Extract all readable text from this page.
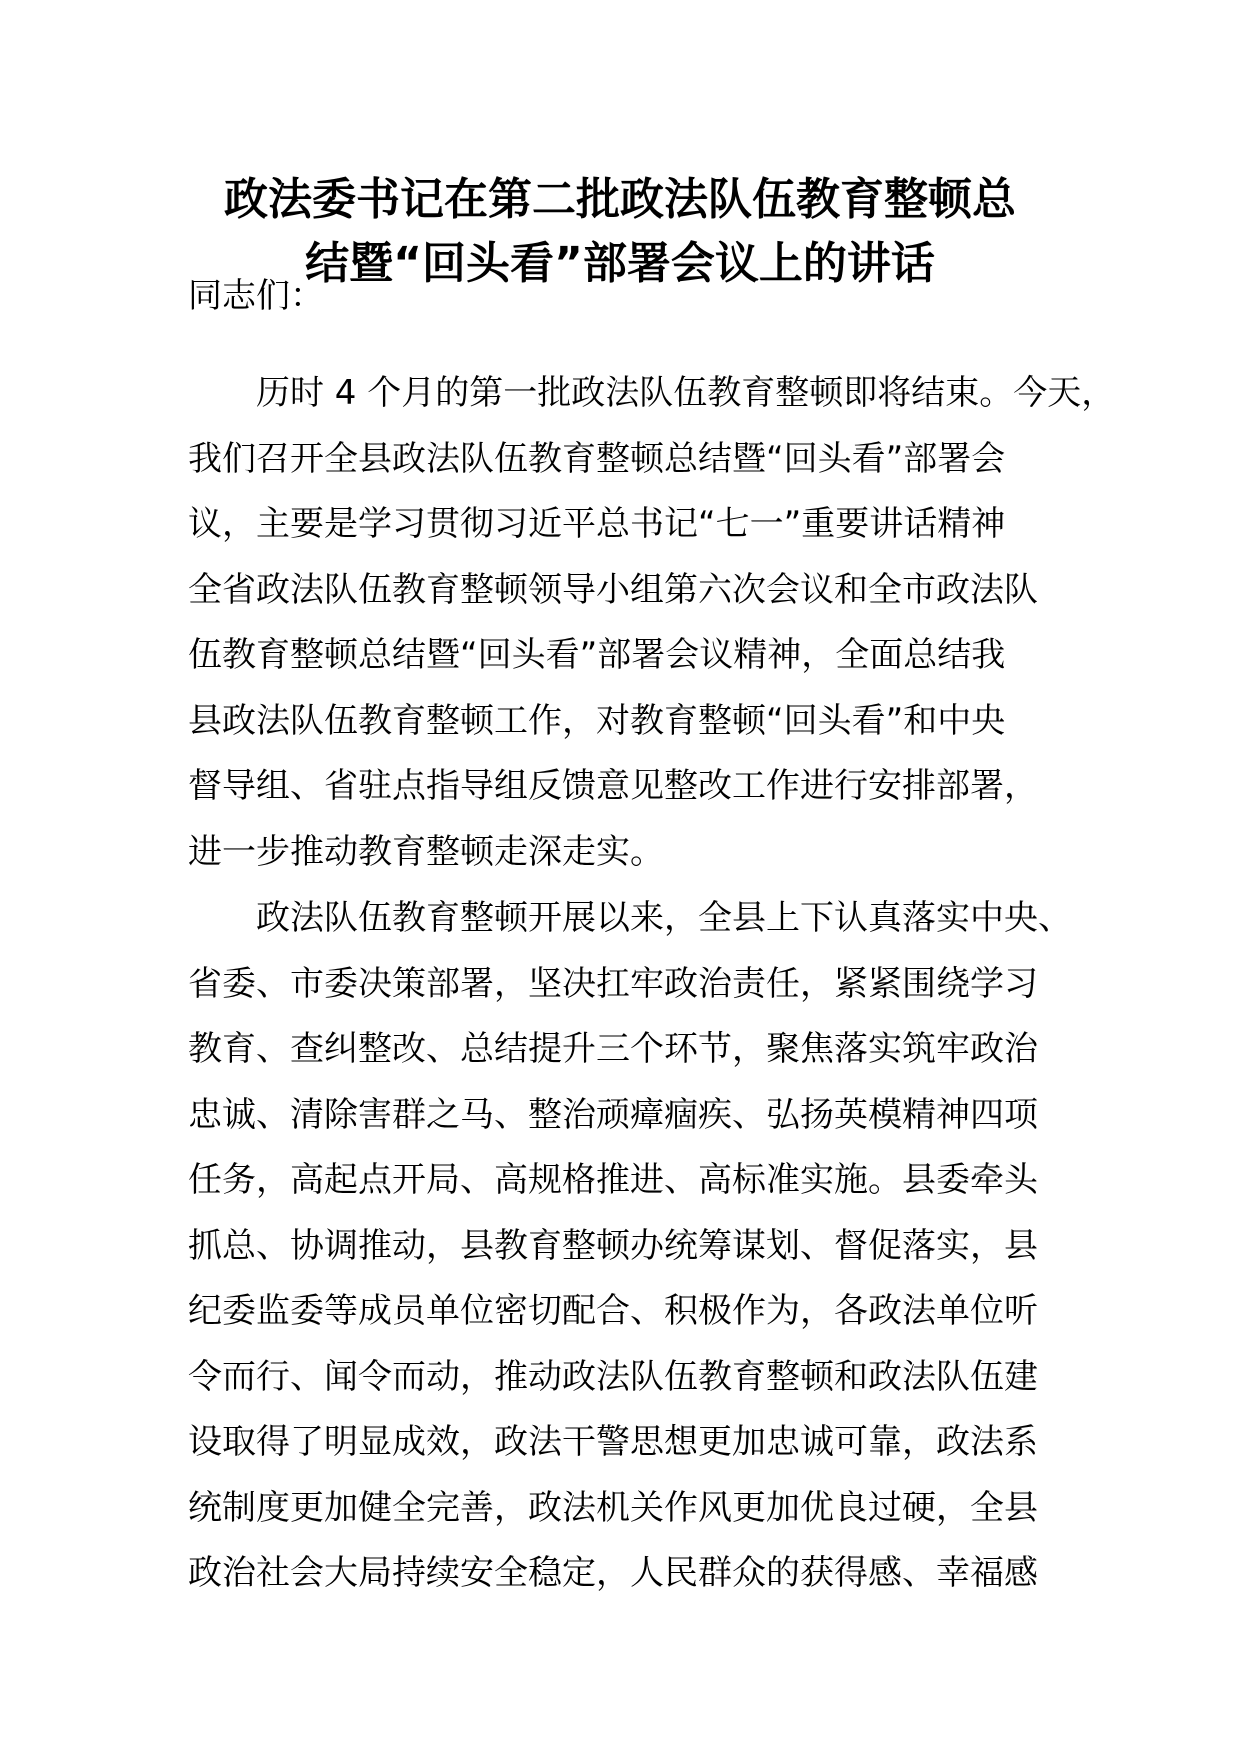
政法委书记在第二批政法队伍教育整顿总
结暨“回头看”部署会议上的讲话
同志们：
历时 4 个月的第一批政法队伍教育整顿即将结束。今天，
我们召开全县政法队伍教育整顿总结暨“回头看”部署会
议，主要是学习贯彻习近平总书记“七一”重要讲话精神
全省政法队伍教育整顿领导小组第六次会议和全市政法队
伍教育整顿总结暨“回头看”部署会议精神，全面总结我
县政法队伍教育整顿工作，对教育整顿“回头看”和中央
督导组、省驻点指导组反馈意见整改工作进行安排部署，
进一步推动教育整顿走深走实。
政法队伍教育整顿开展以来，全县上下认真落实中央、
省委、市委决策部署，坚决扛牢政治责任，紧紧围绕学习
教育、查纠整改、总结提升三个环节，聚焦落实筑牢政治
忠诚、清除害群之马、整治顽瘴痼疾、弘扬英模精神四项
任务，高起点开局、高规格推进、高标准实施。县委牵头
抓总、协调推动，县教育整顿办统筹谋划、督促落实，县
纪委监委等成员单位密切配合、积极作为，各政法单位听
令而行、闻令而动，推动政法队伍教育整顿和政法队伍建
设取得了明显成效，政法干警思想更加忠诚可靠，政法系
统制度更加健全完善，政法机关作风更加优良过硬，全县
政治社会大局持续安全稳定，人民群众的获得感、幸福感
